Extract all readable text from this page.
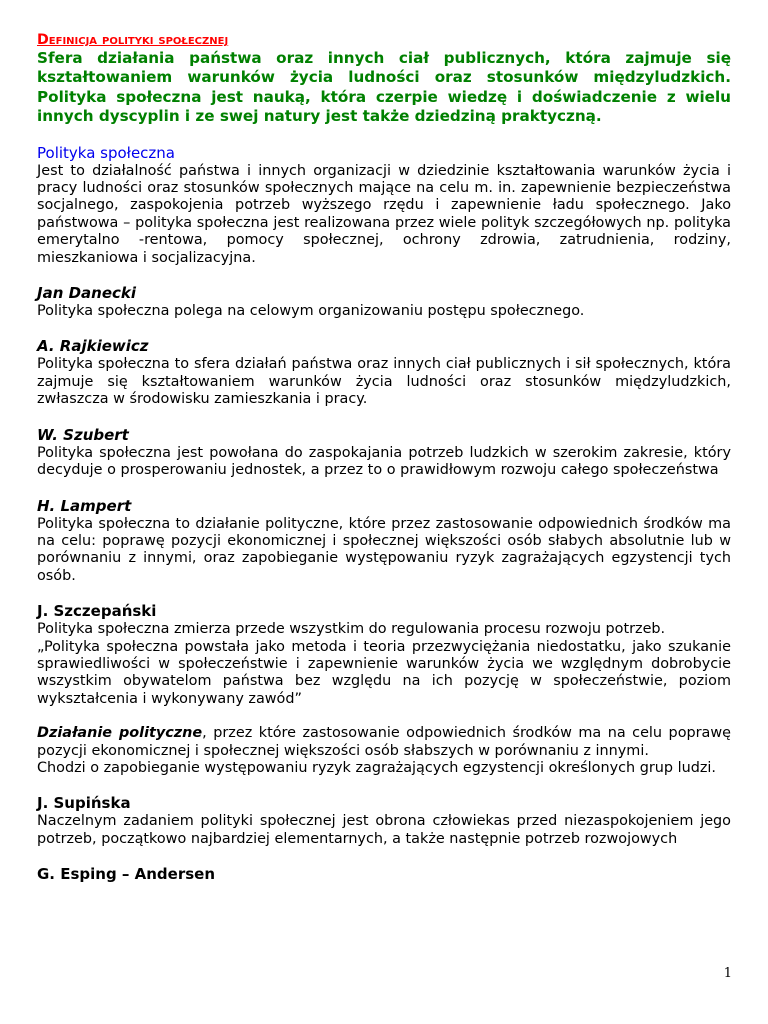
Definicja polityki społecznej

Sfera działania państwa oraz innych ciał publicznych, która zajmuje się kształtowaniem warunków życia ludności oraz stosunków międzyludzkich. Polityka społeczna jest nauką, która czerpie wiedzę i doświadczenie z wielu innych dyscyplin i ze swej natury jest także dziedziną praktyczną.

Polityka społeczna

Jest to działalność państwa i innych organizacji w dziedzinie kształtowania warunków życia i pracy ludności oraz stosunków społecznych mające na celu m. in. zapewnienie bezpieczeństwa socjalnego, zaspokojenia potrzeb wyższego rzędu i zapewnienie ładu społecznego. Jako państwowa – polityka społeczna jest realizowana przez wiele polityk szczegółowych np. polityka emerytalno -rentowa, pomocy społecznej, ochrony zdrowia, zatrudnienia, rodziny, mieszkaniowa i socjalizacyjna.

Jan Danecki

Polityka społeczna polega na celowym organizowaniu postępu społecznego.

A. Rajkiewicz

Polityka społeczna to sfera działań państwa oraz innych ciał publicznych i sił społecznych, która zajmuje się kształtowaniem warunków życia ludności oraz stosunków międzyludzkich, zwłaszcza w środowisku zamieszkania i pracy.

W. Szubert

Polityka społeczna jest powołana do zaspokajania potrzeb ludzkich w szerokim zakresie, który decyduje o prosperowaniu jednostek, a przez to o prawidłowym rozwoju całego społeczeństwa

H. Lampert

Polityka społeczna to działanie polityczne, które przez zastosowanie odpowiednich środków ma na celu: poprawę pozycji ekonomicznej i społecznej większości osób słabych absolutnie lub w porównaniu z innymi, oraz zapobieganie występowaniu ryzyk zagrażających egzystencji tych osób.

J. Szczepański

Polityka społeczna zmierza przede wszystkim do regulowania procesu rozwoju potrzeb.

„Polityka społeczna powstała jako metoda i teoria przezwyciężania niedostatku, jako szukanie sprawiedliwości w społeczeństwie i zapewnienie warunków życia we względnym dobrobycie wszystkim obywatelom państwa bez względu na ich pozycję w społeczeństwie, poziom wykształcenia i wykonywany zawód”

Działanie polityczne, przez które zastosowanie odpowiednich środków ma na celu poprawę pozycji ekonomicznej i społecznej większości osób słabszych w porównaniu z innymi.

Chodzi o zapobieganie występowaniu ryzyk zagrażających egzystencji określonych grup ludzi.

J. Supińska

Naczelnym zadaniem polityki społecznej jest obrona człowiekas przed niezaspokojeniem jego potrzeb, początkowo najbardziej elementarnych, a także następnie potrzeb rozwojowych

G. Esping – Andersen

1
